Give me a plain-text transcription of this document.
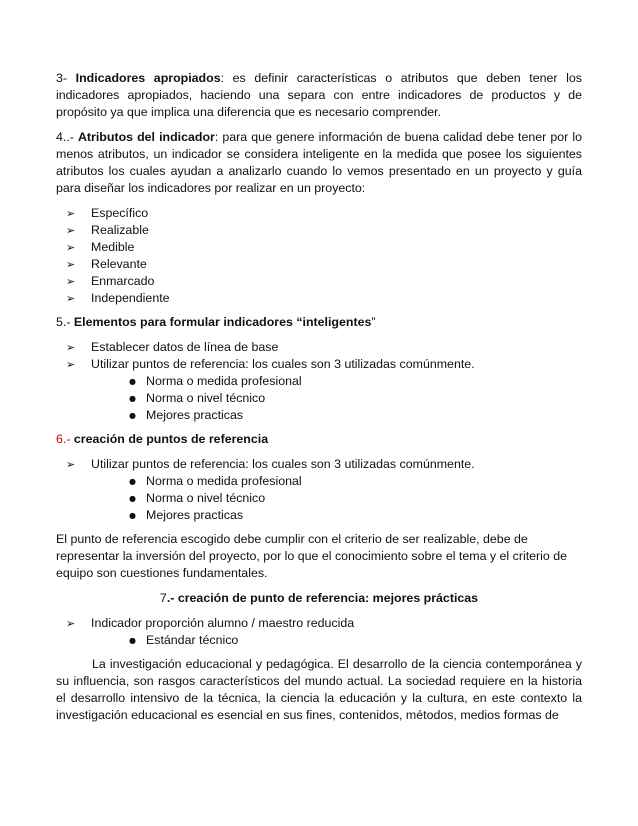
3- Indicadores apropiados: es definir características o atributos que deben tener los indicadores apropiados, haciendo una separa con entre indicadores de productos y de propósito ya que implica una diferencia que es necesario comprender.

4..- Atributos del indicador: para que genere información de buena calidad debe tener por lo menos atributos, un indicador se considera inteligente en la medida que posee los siguientes atributos los cuales ayudan a analizarlo cuando lo vemos presentado en un proyecto y guía para diseñar los indicadores por realizar en un proyecto:

➢ Específico
➢ Realizable
➢ Medible
➢ Relevante
➢ Enmarcado
➢ Independiente

5.- Elementos para formular indicadores “inteligentes”

➢ Establecer datos de línea de base
➢ Utilizar puntos de referencia: los cuales son 3 utilizadas comúnmente.
● Norma o medida profesional
● Norma o nivel técnico
● Mejores practicas

6.- creación de puntos de referencia

➢ Utilizar puntos de referencia: los cuales son 3 utilizadas comúnmente.
● Norma o medida profesional
● Norma o nivel técnico
● Mejores practicas

El punto de referencia escogido debe cumplir con el criterio de ser realizable, debe de representar la inversión del proyecto, por lo que el conocimiento sobre el tema y el criterio de equipo son cuestiones fundamentales.

7.- creación de punto de referencia: mejores prácticas

➢ Indicador proporción alumno / maestro reducida
● Estándar técnico

La investigación educacional y pedagógica. El desarrollo de la ciencia contemporánea y su influencia, son rasgos característicos del mundo actual. La sociedad requiere en la historia el desarrollo intensivo de la técnica, la ciencia la educación y la cultura, en este contexto la investigación educacional es esencial en sus fines, contenidos, métodos, medios formas de
